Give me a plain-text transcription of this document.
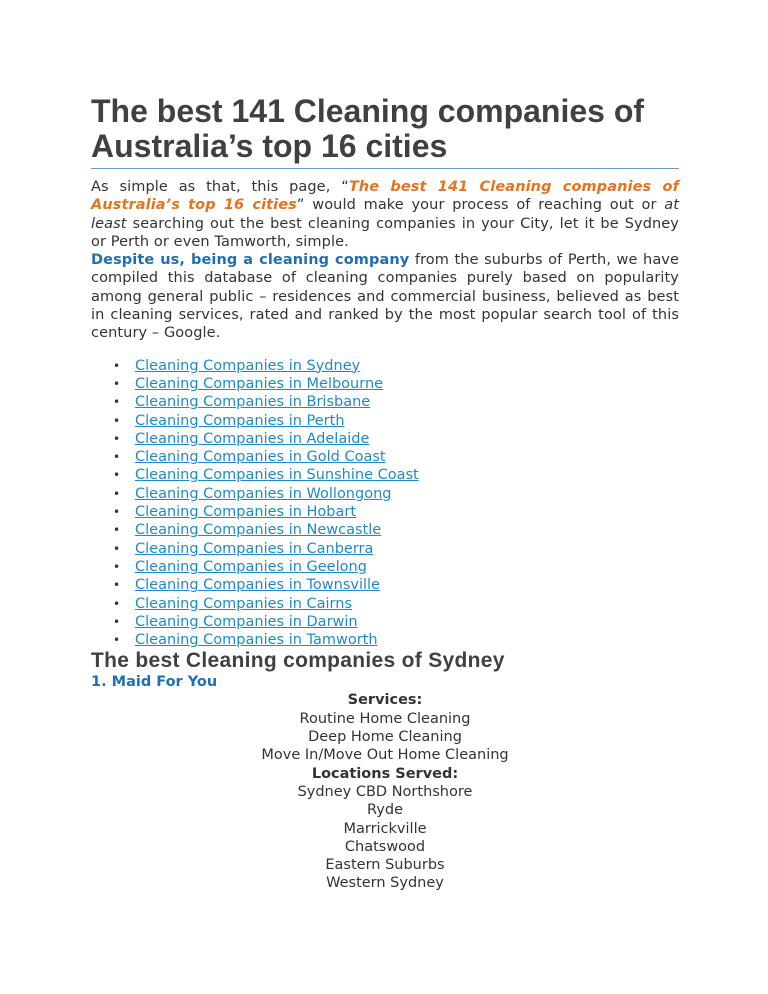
The best 141 Cleaning companies of
Australia’s top 16 cities

As simple as that, this page, “The best 141 Cleaning companies of Australia’s top 16 cities” would make your process of reaching out or at least searching out the best cleaning companies in your City, let it be Sydney or Perth or even Tamworth, simple.

Despite us, being a cleaning company from the suburbs of Perth, we have compiled this database of cleaning companies purely based on popularity among general public – residences and commercial business, believed as best in cleaning services, rated and ranked by the most popular search tool of this century – Google.

• Cleaning Companies in Sydney
• Cleaning Companies in Melbourne
• Cleaning Companies in Brisbane
• Cleaning Companies in Perth
• Cleaning Companies in Adelaide
• Cleaning Companies in Gold Coast
• Cleaning Companies in Sunshine Coast
• Cleaning Companies in Wollongong
• Cleaning Companies in Hobart
• Cleaning Companies in Newcastle
• Cleaning Companies in Canberra
• Cleaning Companies in Geelong
• Cleaning Companies in Townsville
• Cleaning Companies in Cairns
• Cleaning Companies in Darwin
• Cleaning Companies in Tamworth
The best Cleaning companies of Sydney
1. Maid For You
Services:
Routine Home Cleaning
Deep Home Cleaning
Move In/Move Out Home Cleaning
Locations Served:
Sydney CBD Northshore
Ryde
Marrickville
Chatswood
Eastern Suburbs
Western Sydney
